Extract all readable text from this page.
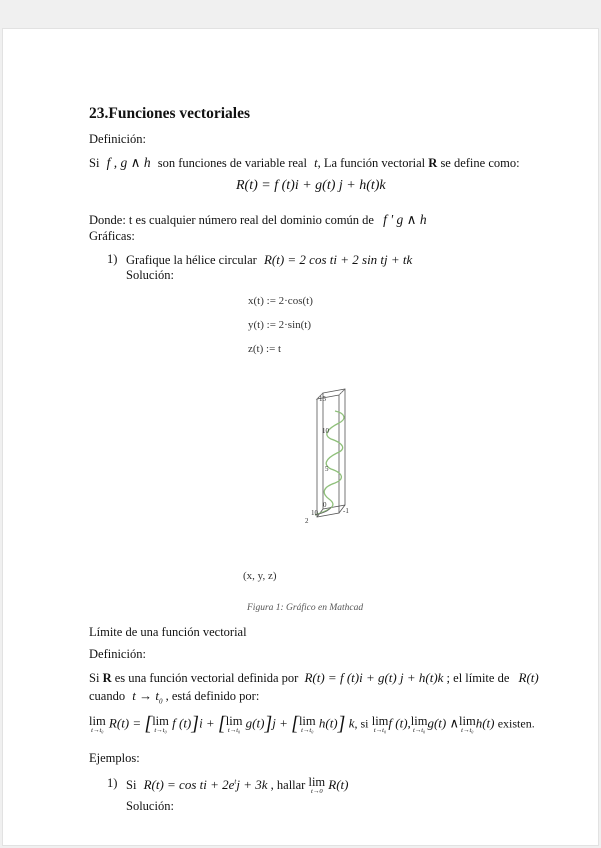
23.Funciones vectoriales
Definición:
Si f , g ∧ h son funciones de variable real t, La función vectorial R se define como:
R(t) = f (t)i + g(t) j + h(t)k
Donde: t es cualquier número real del dominio común de f ' g ∧ h
Gráficas:
1) Grafique la hélice circular R(t) = 2 cos ti + 2 sin tj + tk
Solución:
x(t) := 2·cos(t)
y(t) := 2·sin(t)
z(t) := t
15
10
5
0
-1
2
10
(x, y, z)
Figura 1: Gráfico en Mathcad
Límite de una función vectorial
Definición:
Si R es una función vectorial definida por R(t) = f (t)i + g(t) j + h(t)k ; el límite de R(t)
cuando $t \to t_0$ , está definido por:
lim
t→t₀ R(t) = [ lim
t→t₀ f (t)]i + [ lim
t→t₀ g(t)]j + [ lim
t→t₀ h(t)] k, si lim
t→t₀ f (t), lim
t→t₀ g(t) ∧ lim
t→t₀ h(t) existen.
Ejemplos:
1) Si R(t) = cos ti + $2e^tj + 3k$ , hallar lim
t→0 R(t)
Solución:
